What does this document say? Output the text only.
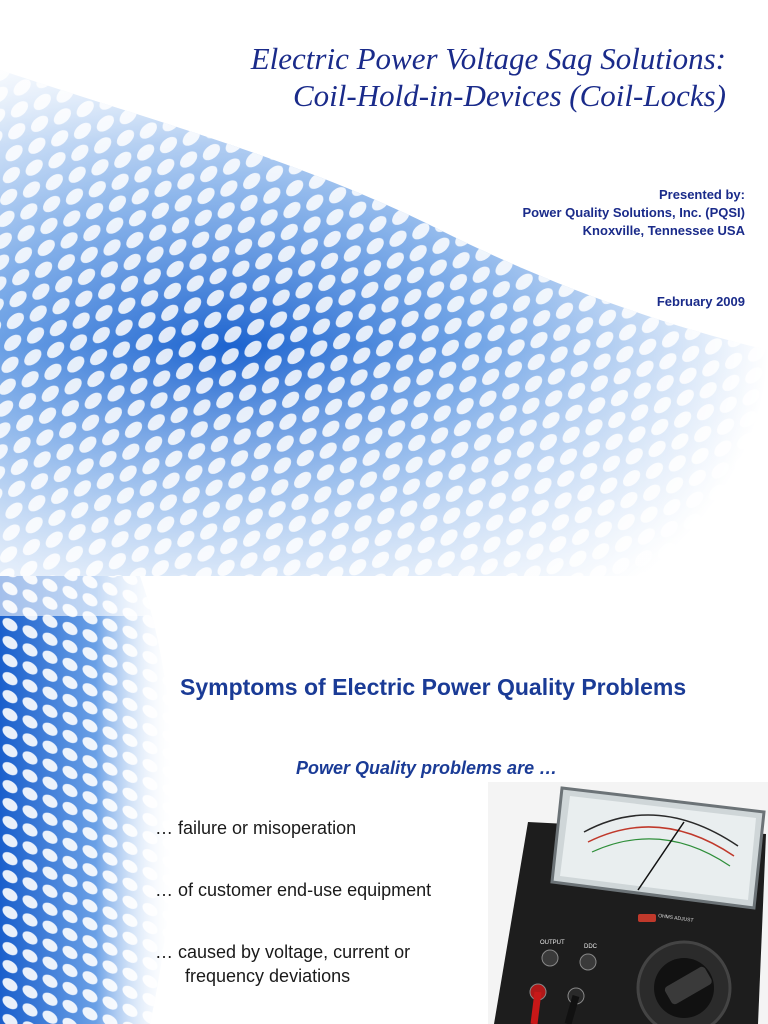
Electric Power Voltage Sag Solutions:
Coil-Hold-in-Devices (Coil-Locks)
Presented by:
Power Quality Solutions, Inc. (PQSI)
Knoxville, Tennessee USA
February 2009
Symptoms of Electric Power Quality Problems
Power Quality problems are …
… failure or misoperation
… of customer end-use equipment
… caused by voltage, current or
frequency deviations
OHMS ADJUST
OUTPUT
DDC
